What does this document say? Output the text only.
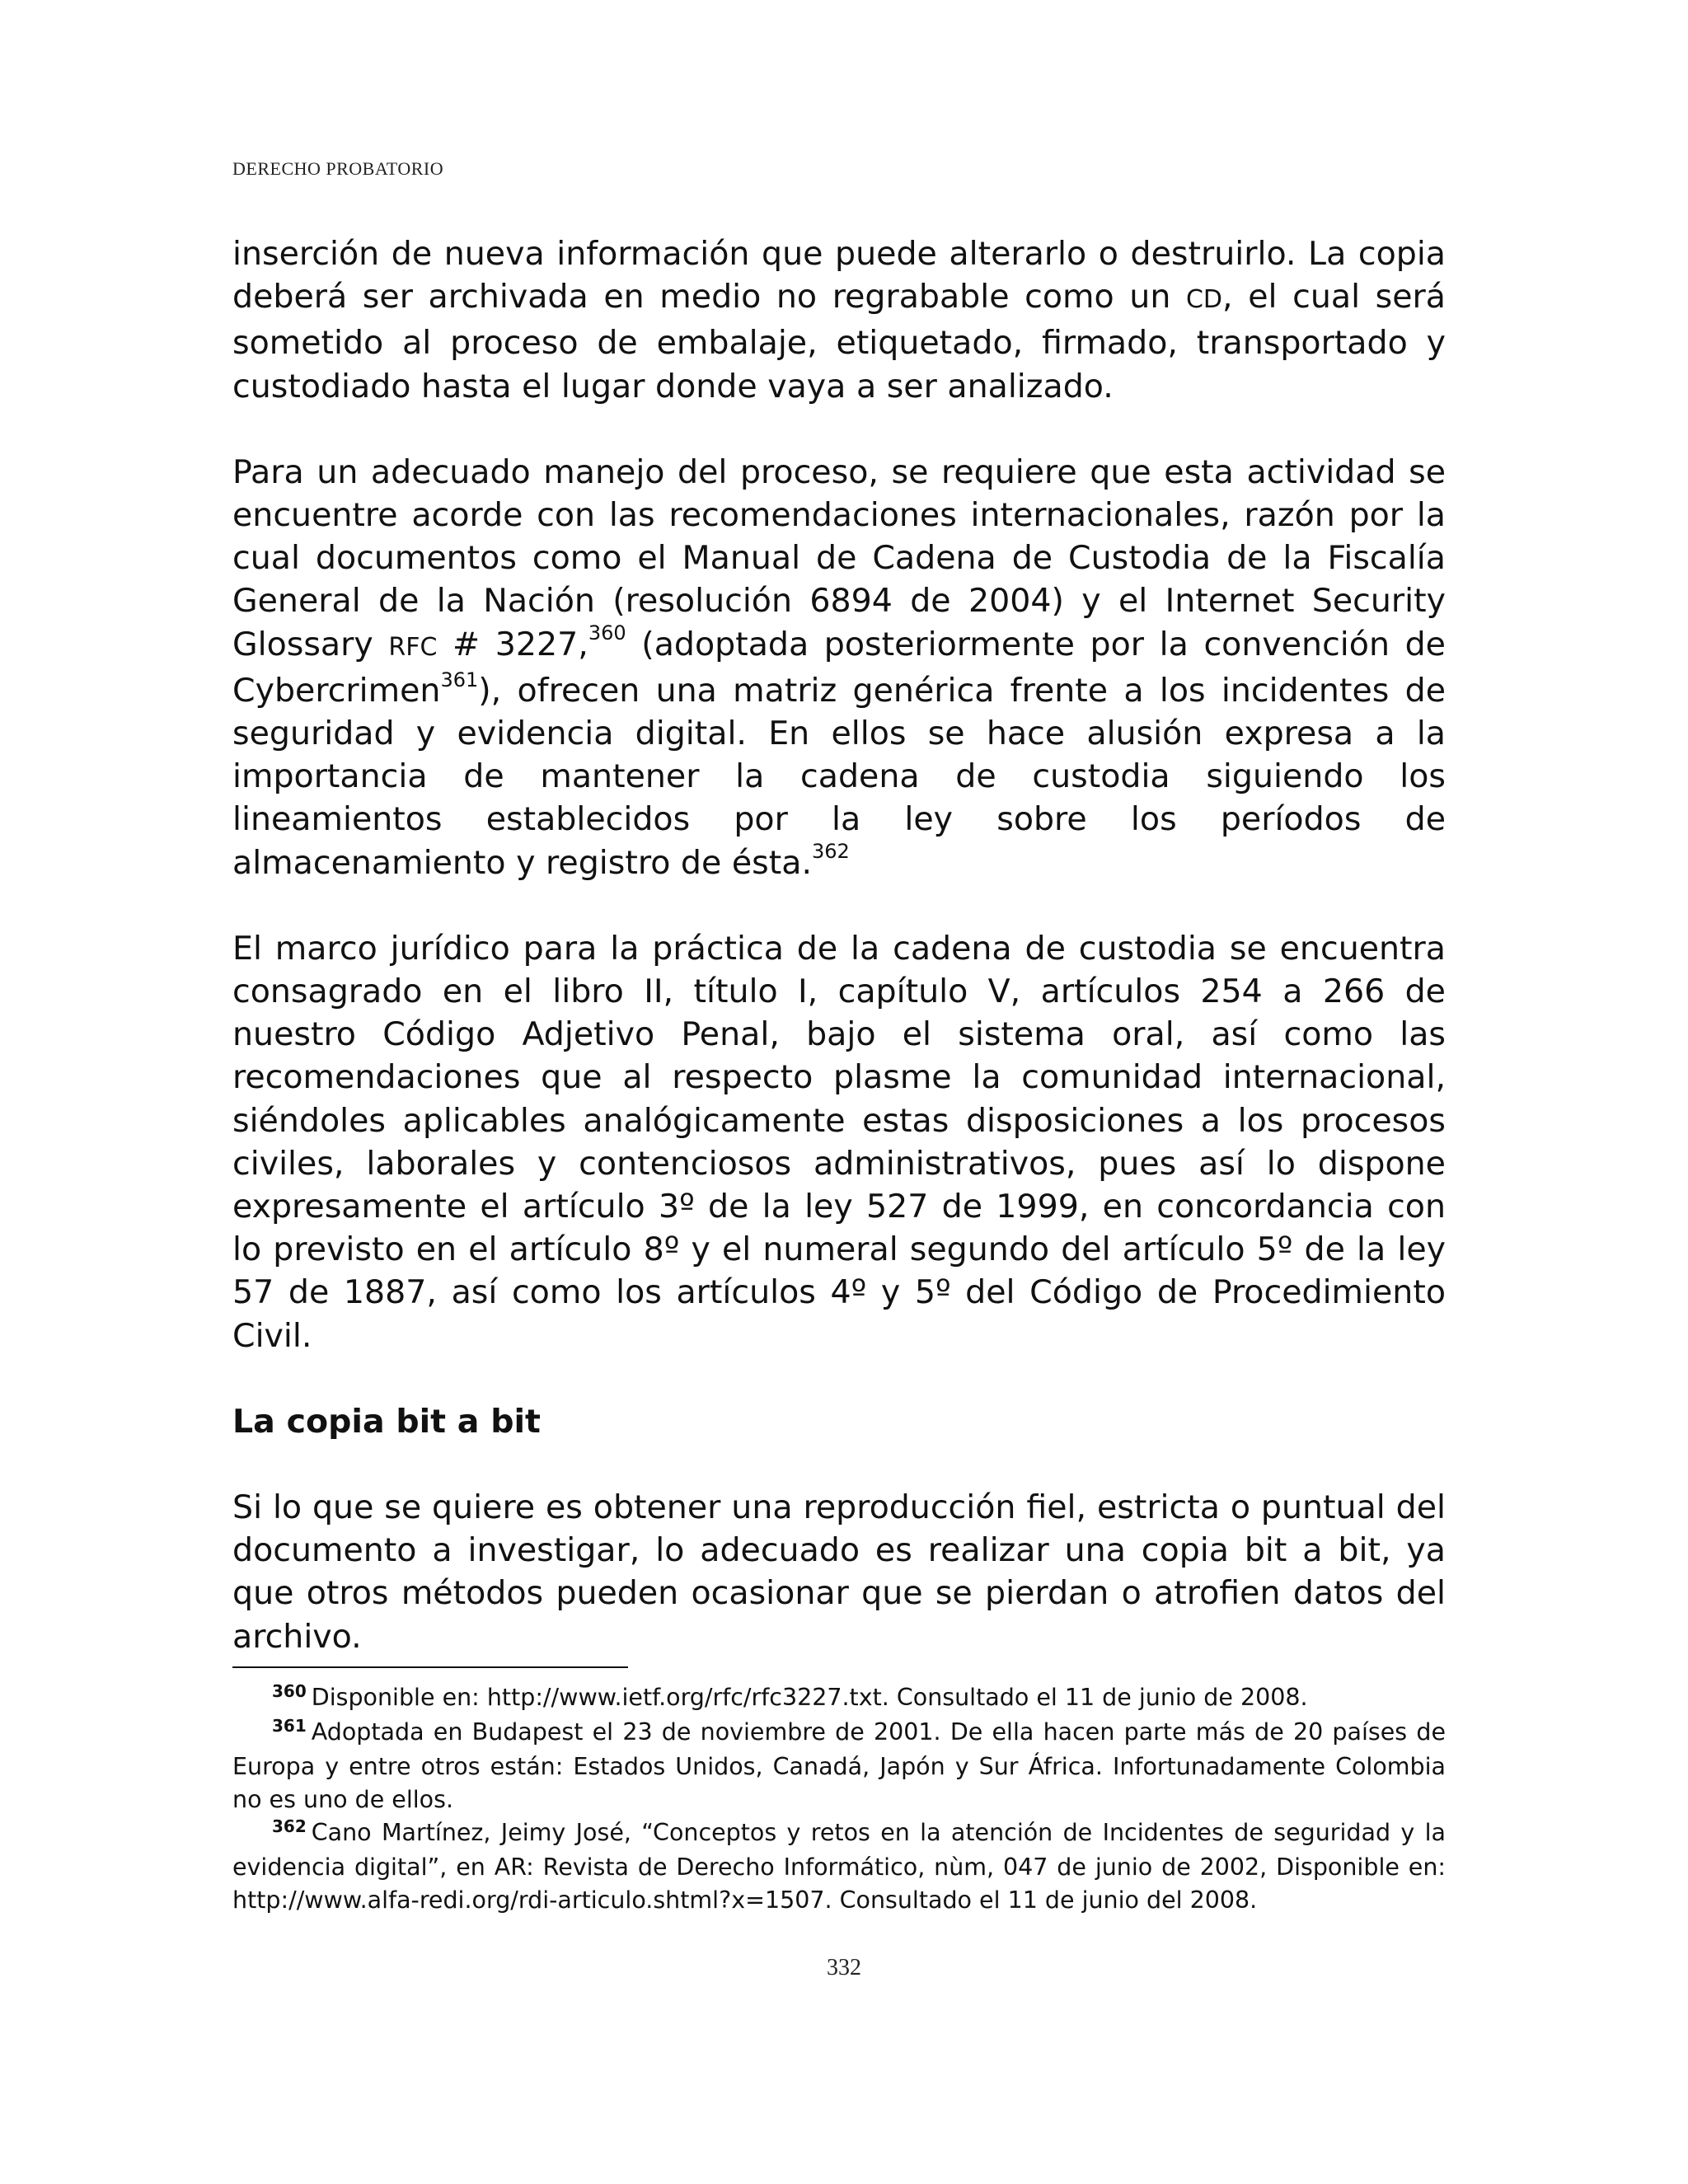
DERECHO PROBATORIO

inserción de nueva información que puede alterarlo o destruirlo. La copia deberá ser archivada en medio no regrabable como un CD, el cual será sometido al proceso de embalaje, etiquetado, firmado, transportado y custodiado hasta el lugar donde vaya a ser analizado.

Para un adecuado manejo del proceso, se requiere que esta actividad se encuentre acorde con las recomendaciones internacionales, razón por la cual documentos como el Manual de Cadena de Custodia de la Fiscalía General de la Nación (resolución 6894 de 2004) y el Internet Security Glossary RFC # 3227,$^{360}$ (adoptada posteriormente por la convención de Cybercrimen$^{361}$), ofrecen una matriz genérica frente a los incidentes de seguridad y evidencia digital. En ellos se hace alusión expresa a la importancia de mantener la cadena de custodia siguiendo los lineamientos establecidos por la ley sobre los períodos de almacenamiento y registro de ésta.$^{362}$

El marco jurídico para la práctica de la cadena de custodia se encuentra consagrado en el libro II, título I, capítulo V, artículos 254 a 266 de nuestro Código Adjetivo Penal, bajo el sistema oral, así como las recomendaciones que al respecto plasme la comunidad internacional, siéndoles aplicables analógicamente estas disposiciones a los procesos civiles, laborales y contenciosos administrativos, pues así lo dispone expresamente el artículo 3º de la ley 527 de 1999, en concordancia con lo previsto en el artículo 8º y el numeral segundo del artículo 5º de la ley 57 de 1887, así como los artículos 4º y 5º del Código de Procedimiento Civil.

La copia bit a bit

Si lo que se quiere es obtener una reproducción fiel, estricta o puntual del documento a investigar, lo adecuado es realizar una copia bit a bit, ya que otros métodos pueden ocasionar que se pierdan o atrofien datos del archivo.

$^{360}$ Disponible en: http://www.ietf.org/rfc/rfc3227.txt. Consultado el 11 de junio de 2008.

$^{361}$ Adoptada en Budapest el 23 de noviembre de 2001. De ella hacen parte más de 20 países de Europa y entre otros están: Estados Unidos, Canadá, Japón y Sur África. Infortunadamente Colombia no es uno de ellos.

$^{362}$ Cano Martínez, Jeimy José, “Conceptos y retos en la atención de Incidentes de seguridad y la evidencia digital”, en AR: Revista de Derecho Informático, nùm, 047 de junio de 2002, Disponible en: http://www.alfa-redi.org/rdi-articulo.shtml?x=1507. Consultado el 11 de junio del 2008.

332
